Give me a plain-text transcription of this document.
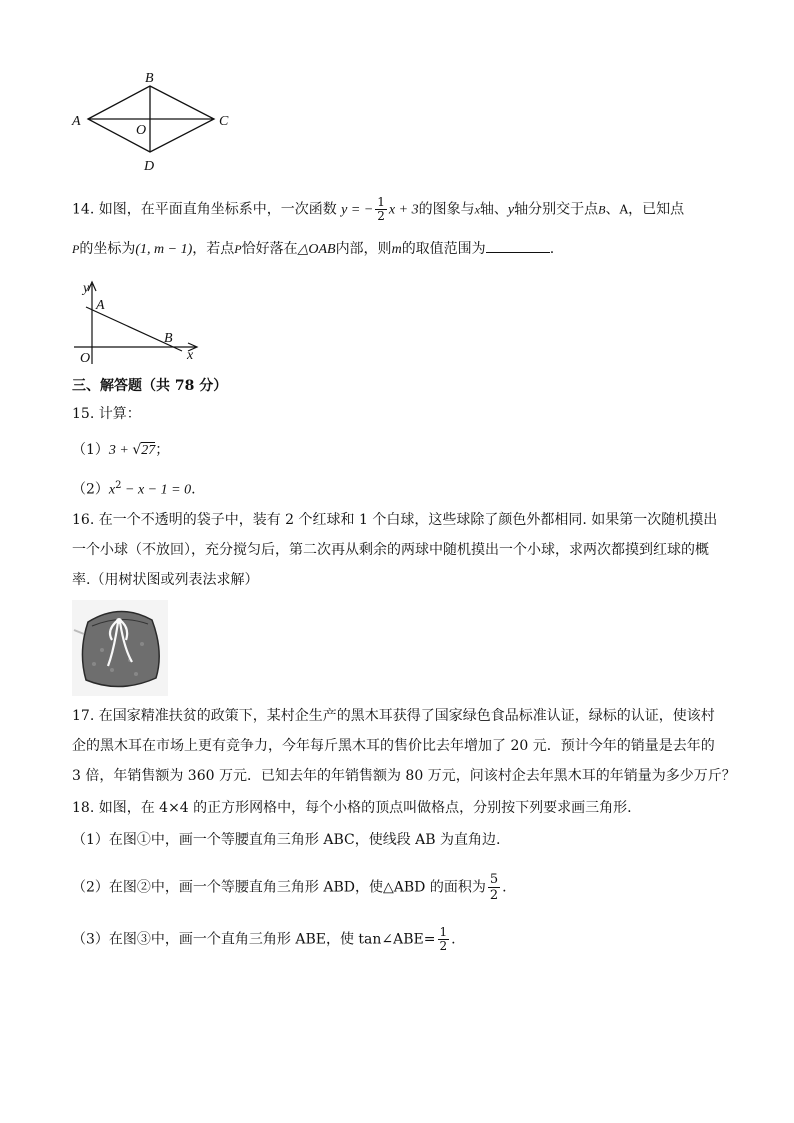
A
B
C
D
O
14. 如图，在平面直角坐标系中，一次函数 y = − $\frac{1}{2}$ x + 3的图象与x轴、y轴分别交于点B、A，已知点
P的坐标为(1, m − 1)，若点P恰好落在△OAB内部，则m的取值范围为	.
y
A
B
O	x
三、解答题（共 78 分）
15. 计算：
（1）3 + √27；
$(2)x^2 - x - 1 = 0$.
16. 在一个不透明的袋子中，装有 2 个红球和 1 个白球，这些球除了颜色外都相同. 如果第一次随机摸出
一个小球（不放回），充分搅匀后，第二次再从剩余的两球中随机摸出一个小球，求两次都摸到红球的概
率.（用树状图或列表法求解）
17. 在国家精准扶贫的政策下，某村企生产的黑木耳获得了国家绿色食品标准认证，绿标的认证，使该村
企的黑木耳在市场上更有竞争力，今年每斤黑木耳的售价比去年增加了 20 元．预计今年的销量是去年的
3 倍，年销售额为 360 万元．已知去年的年销售额为 80 万元，问该村企去年黑木耳的年销量为多少万斤？
18. 如图，在 4×4 的正方形网格中，每个小格的顶点叫做格点，分别按下列要求画三角形.
（1）在图①中，画一个等腰直角三角形 ABC，使线段 AB 为直角边.
（2）在图②中，画一个等腰直角三角形 ABD，使△ABD 的面积为 $\frac{5}{2}$ .
（3）在图③中，画一个直角三角形 ABE，使 tan∠ABE= $\frac{1}{2}$ .
